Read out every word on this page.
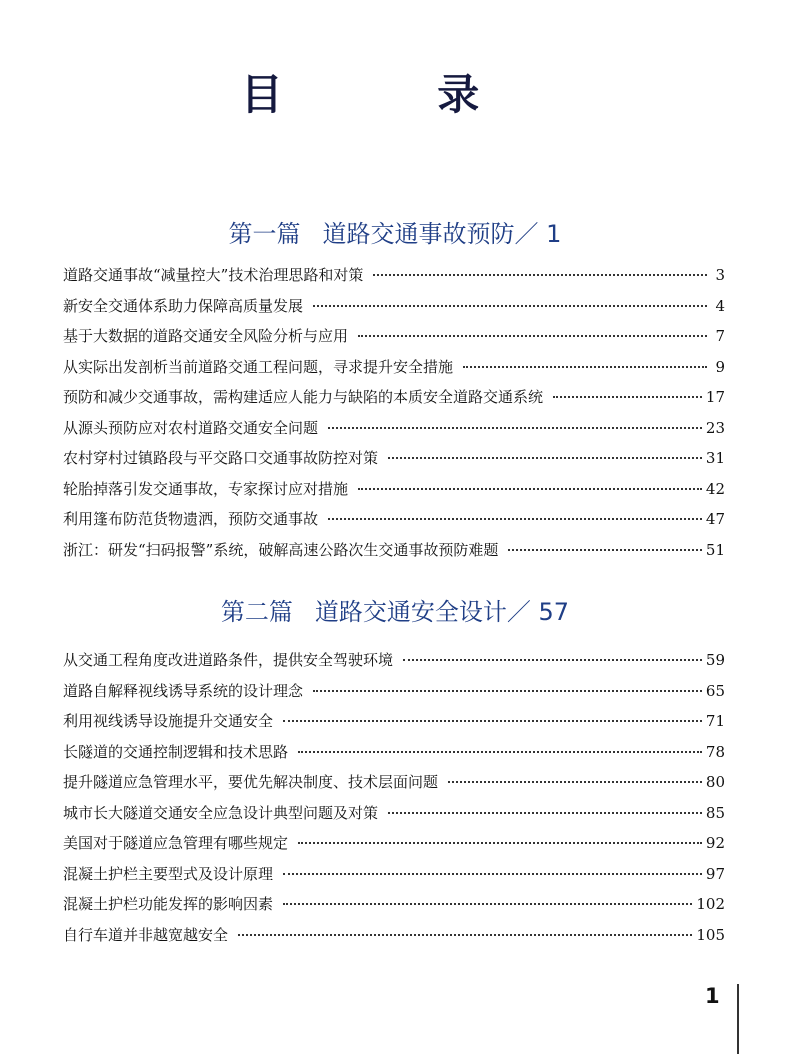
目 录
第一篇 道路交通事故预防／ 1
道路交通事故“减量控大”技术治理思路和对策	3
新安全交通体系助力保障高质量发展	4
基于大数据的道路交通安全风险分析与应用	7
从实际出发剖析当前道路交通工程问题，寻求提升安全措施	9
预防和减少交通事故，需构建适应人能力与缺陷的本质安全道路交通系统	17
从源头预防应对农村道路交通安全问题	23
农村穿村过镇路段与平交路口交通事故防控对策	31
轮胎掉落引发交通事故，专家探讨应对措施	42
利用篷布防范货物遗洒，预防交通事故	47
浙江：研发“扫码报警”系统，破解高速公路次生交通事故预防难题	51
第二篇 道路交通安全设计／ 57
从交通工程角度改进道路条件，提供安全驾驶环境	59
道路自解释视线诱导系统的设计理念	65
利用视线诱导设施提升交通安全	71
长隧道的交通控制逻辑和技术思路	78
提升隧道应急管理水平，要优先解决制度、技术层面问题	80
城市长大隧道交通安全应急设计典型问题及对策	85
美国对于隧道应急管理有哪些规定	92
混凝土护栏主要型式及设计原理	97
混凝土护栏功能发挥的影响因素	102
自行车道并非越宽越安全	105
1
